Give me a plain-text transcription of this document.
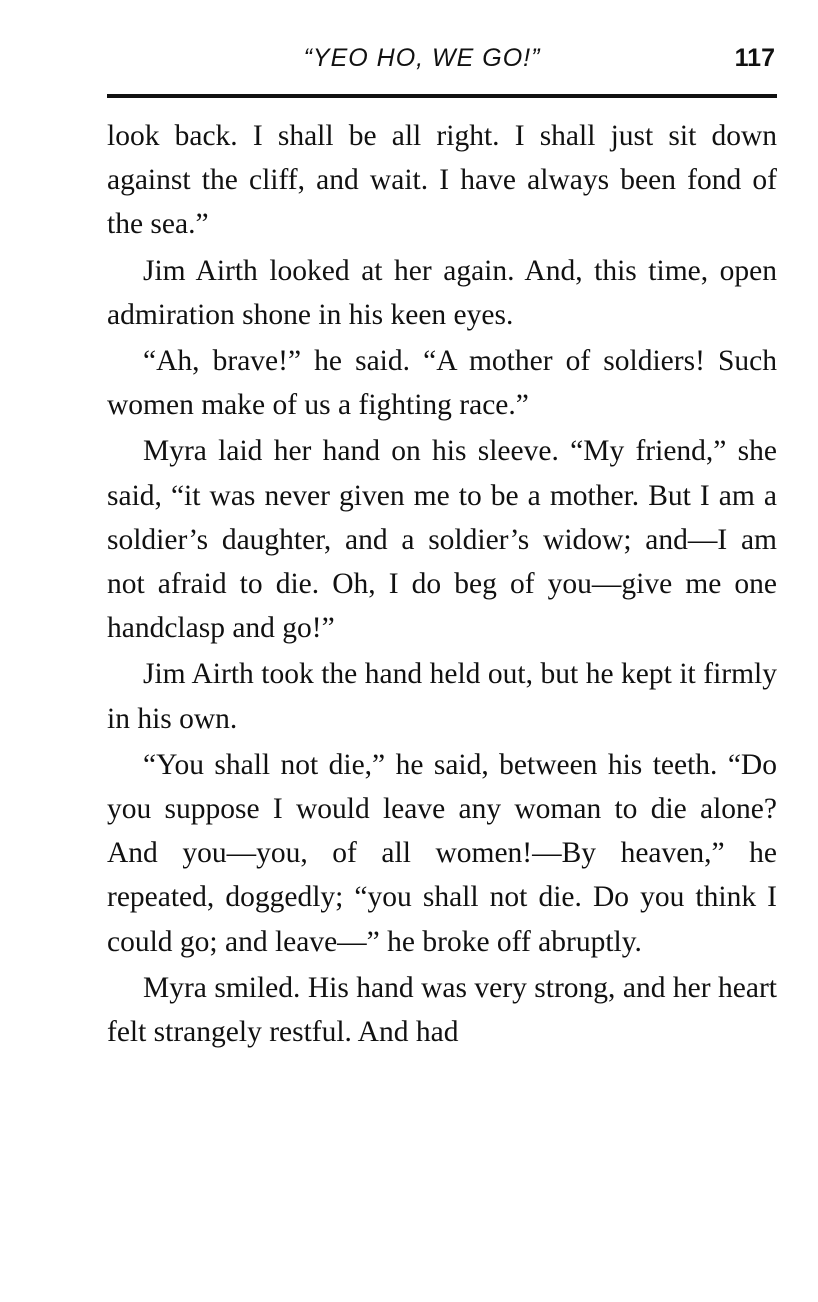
“YEO HO, WE GO!”	117

look back. I shall be all right. I shall just sit down against the cliff, and wait. I have always been fond of the sea.”

Jim Airth looked at her again. And, this time, open admiration shone in his keen eyes.

“Ah, brave!” he said. “A mother of soldiers! Such women make of us a fighting race.”

Myra laid her hand on his sleeve. “My friend,” she said, “it was never given me to be a mother. But I am a soldier’s daughter, and a soldier’s widow; and—I am not afraid to die. Oh, I do beg of you—give me one handclasp and go!”

Jim Airth took the hand held out, but he kept it firmly in his own.

“You shall not die,” he said, between his teeth. “Do you suppose I would leave any woman to die alone? And you—you, of all women!—By heaven,” he repeated, doggedly; “you shall not die. Do you think I could go; and leave—” he broke off abruptly.

Myra smiled. His hand was very strong, and her heart felt strangely restful. And had
